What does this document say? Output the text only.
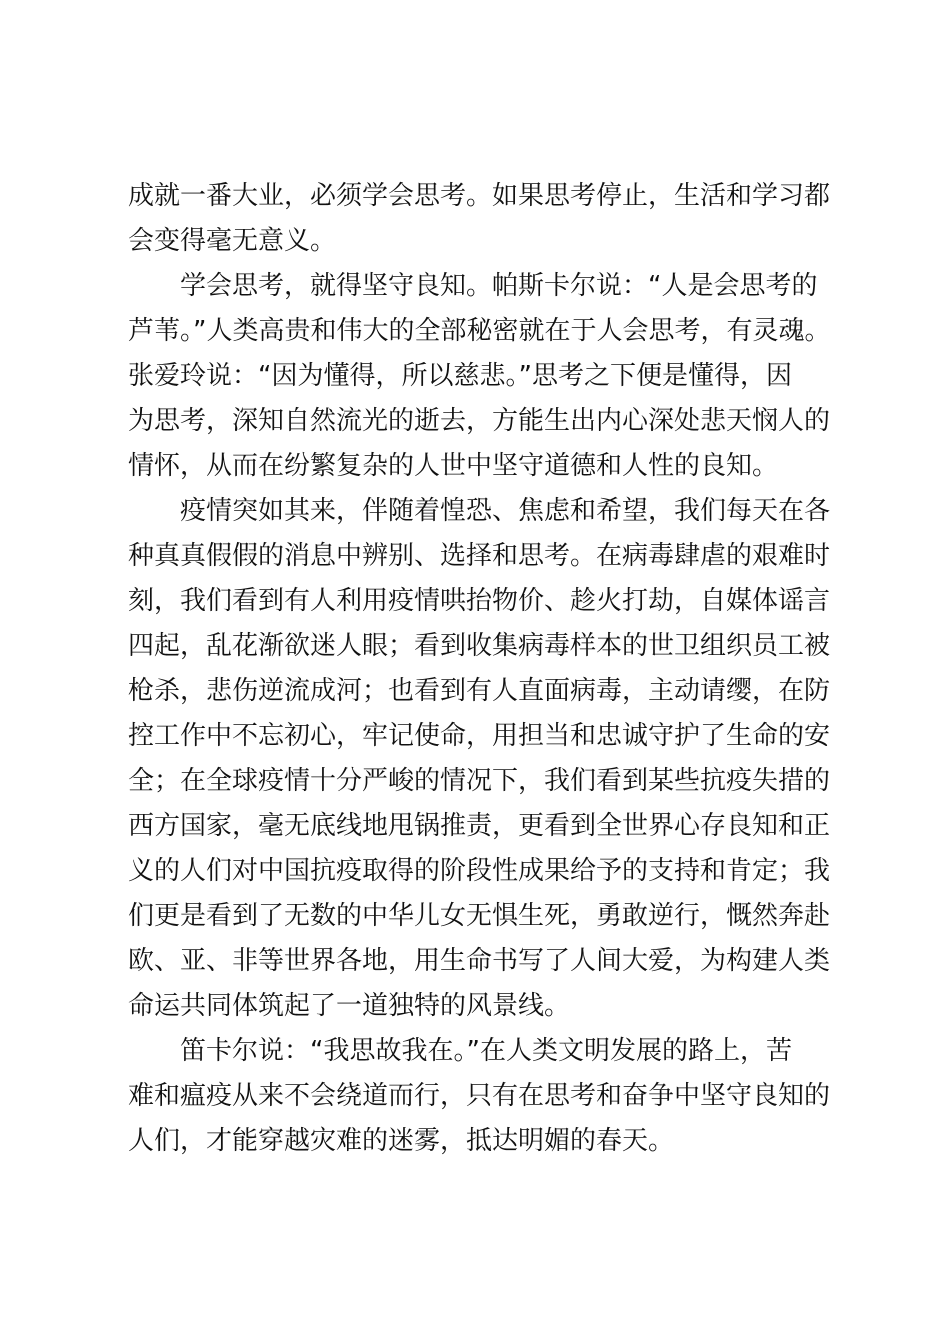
成就一番大业，必须学会思考。如果思考停止，生活和学习都
会变得毫无意义。
学会思考，就得坚守良知。帕斯卡尔说：“人是会思考的
芦苇。”人类高贵和伟大的全部秘密就在于人会思考，有灵魂。
张爱玲说：“因为懂得，所以慈悲。”思考之下便是懂得，因
为思考，深知自然流光的逝去，方能生出内心深处悲天悯人的
情怀，从而在纷繁复杂的人世中坚守道德和人性的良知。
疫情突如其来，伴随着惶恐、焦虑和希望，我们每天在各
种真真假假的消息中辨别、选择和思考。在病毒肆虐的艰难时
刻，我们看到有人利用疫情哄抬物价、趁火打劫，自媒体谣言
四起，乱花渐欲迷人眼；看到收集病毒样本的世卫组织员工被
枪杀，悲伤逆流成河；也看到有人直面病毒，主动请缨，在防
控工作中不忘初心，牢记使命，用担当和忠诚守护了生命的安
全；在全球疫情十分严峻的情况下，我们看到某些抗疫失措的
西方国家，毫无底线地甩锅推责，更看到全世界心存良知和正
义的人们对中国抗疫取得的阶段性成果给予的支持和肯定；我
们更是看到了无数的中华儿女无惧生死，勇敢逆行，慨然奔赴
欧、亚、非等世界各地，用生命书写了人间大爱，为构建人类
命运共同体筑起了一道独特的风景线。
笛卡尔说：“我思故我在。”在人类文明发展的路上，苦
难和瘟疫从来不会绕道而行，只有在思考和奋争中坚守良知的
人们，才能穿越灾难的迷雾，抵达明媚的春天。
